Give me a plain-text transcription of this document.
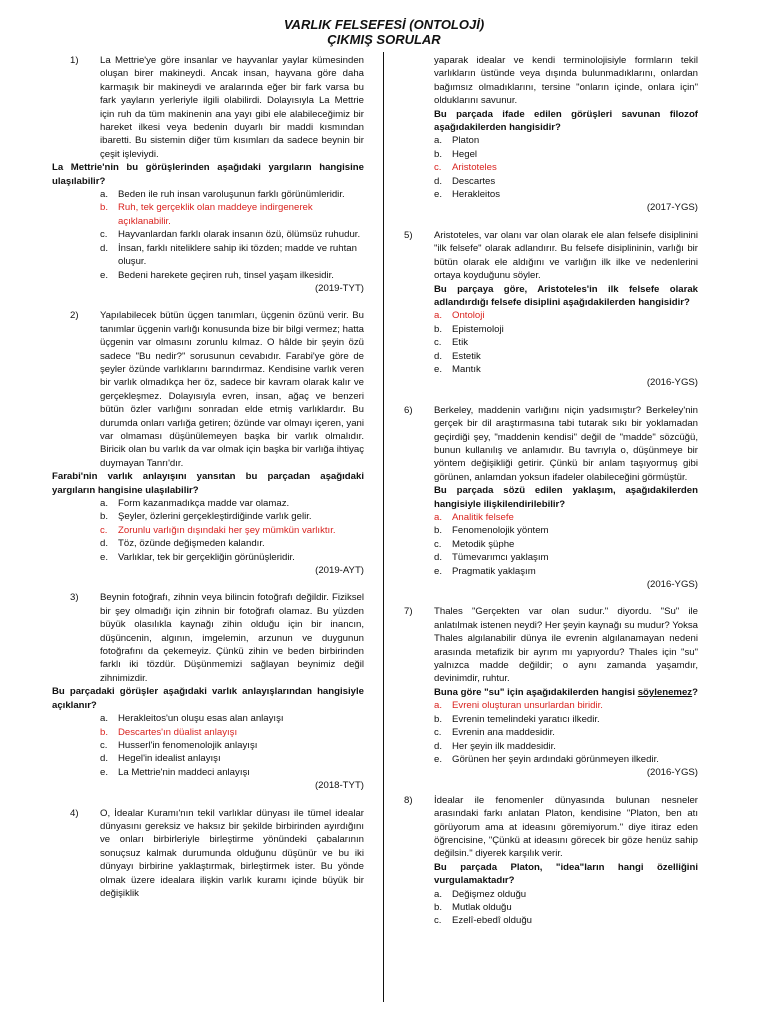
VARLIK FELSEFESİ (ONTOLOJİ)
ÇIKMIŞ SORULAR
1)	La Mettrie'ye göre insanlar ve hayvanlar yaylar kümesinden oluşan birer makineydi. Ancak insan, hayvana göre daha karmaşık bir makineydi ve aralarında eğer bir fark varsa bu fark yayların yerleriyle ilgili olabilirdi. Dolayısıyla La Mettrie için ruh da tüm makinenin ana yayı gibi ele alabileceğimiz bir hareket ilkesi veya bedenin duyarlı bir maddi kısmından ibaretti. Bu sistemin diğer tüm kısımları da sadece beynin bir çeşit işleviydi.
La Mettrie'nin bu görüşlerinden aşağıdaki yargıların hangisine ulaşılabilir?
a. Beden ile ruh insan varoluşunun farklı görünümleridir.
b. Ruh, tek gerçeklik olan maddeye indirgenerek açıklanabilir.
c. Hayvanlardan farklı olarak insanın özü, ölümsüz ruhudur.
d. İnsan, farklı niteliklere sahip iki tözden; madde ve ruhtan oluşur.
e. Bedeni harekete geçiren ruh, tinsel yaşam ilkesidir.
(2019-TYT)
2)	Yapılabilecek bütün üçgen tanımları, üçgenin özünü verir. Bu tanımlar üçgenin varlığı konusunda bize bir bilgi vermez; hatta üçgenin var olmasını zorunlu kılmaz. O hâlde bir şeyin özü sadece "Bu nedir?" sorusunun cevabıdır. Farabi'ye göre de şeyler özünde varlıklarını barındırmaz. Kendisine varlık veren bir varlık olmadıkça her öz, sadece bir kavram olarak kalır ve gerçekleşmez. Dolayısıyla evren, insan, ağaç ve benzeri bütün özler varlığını sonradan elde etmiş varlıklardır. Bu durumda onları varlığa getiren; özünde var olmayı içeren, yani var olmaması düşünülemeyen başka bir varlık olmalıdır. Biricik olan bu varlık da var olmak için başka bir varlığa ihtiyaç duymayan Tanrı'dır.
Farabi'nin varlık anlayışını yansıtan bu parçadan aşağıdaki yargıların hangisine ulaşılabilir?
a. Form kazanmadıkça madde var olamaz.
b. Şeyler, özlerini gerçekleştirdiğinde varlık gelir.
c. Zorunlu varlığın dışındaki her şey mümkün varlıktır.
d. Töz, özünde değişmeden kalandır.
e. Varlıklar, tek bir gerçekliğin görünüşleridir.
(2019-AYT)
3)	Beynin fotoğrafı, zihnin veya bilincin fotoğrafı değildir. Fiziksel bir şey olmadığı için zihnin bir fotoğrafı olamaz. Bu yüzden büyük olasılıkla kaynağı zihin olduğu için bir inancın, düşüncenin, algının, imgelemin, arzunun ve duygunun fotoğrafını da çekemeyiz. Çünkü zihin ve beden birbirinden farklı iki tözdür. Düşünmemizi sağlayan beynimiz değil zihnimizdir.
Bu parçadaki görüşler aşağıdaki varlık anlayışlarından hangisiyle açıklanır?
a. Herakleitos'un oluşu esas alan anlayışı
b. Descartes'ın düalist anlayışı
c. Husserl'in fenomenolojik anlayışı
d. Hegel'in idealist anlayışı
e. La Mettrie'nin maddeci anlayışı
(2018-TYT)
4)	O, İdealar Kuramı'nın tekil varlıklar dünyası ile tümel idealar dünyasını gereksiz ve haksız bir şekilde birbirinden ayırdığını ve onları birbirleriyle birleştirme yönündeki çabalarının sonuçsuz kalmak durumunda olduğunu düşünür ve bu iki dünyayı birbirine yaklaştırmak, birleştirmek ister. Bu yönde olmak üzere idealara ilişkin varlık kuramı içinde büyük bir değişiklik
yaparak idealar ve kendi terminolojisiyle formların tekil varlıkların üstünde veya dışında bulunmadıklarını, onlardan bağımsız olmadıklarını, tersine "onların içinde, onlara için" olduklarını savunur.
Bu parçada ifade edilen görüşleri savunan filozof aşağıdakilerden hangisidir?
a. Platon
b. Hegel
c. Aristoteles
d. Descartes
e. Herakleitos
(2017-YGS)
5)	Aristoteles, var olanı var olan olarak ele alan felsefe disiplinini "ilk felsefe" olarak adlandırır. Bu felsefe disiplininin, varlığı bir bütün olarak ele aldığını ve varlığın ilk ilke ve nedenlerini ortaya koyduğunu söyler.
Bu parçaya göre, Aristoteles'in ilk felsefe olarak adlandırdığı felsefe disiplini aşağıdakilerden hangisidir?
a. Ontoloji
b. Epistemoloji
c. Etik
d. Estetik
e. Mantık
(2016-YGS)
6)	Berkeley, maddenin varlığını niçin yadsımıştır? Berkeley'nin gerçek bir dil araştırmasına tabi tutarak sıkı bir yoklamadan geçirdiği şey, "maddenin kendisi" değil de "madde" sözcüğü, bunun kullanılış ve anlamıdır. Bu tavrıyla o, düşünmeye bir yöntem değişikliği getirir. Çünkü bir anlam taşıyormuş gibi görünen, anlamdan yoksun ifadeler olabileceğini görmüştür.
Bu parçada sözü edilen yaklaşım, aşağıdakilerden hangisiyle ilişkilendirilebilir?
a. Analitik felsefe
b. Fenomenolojik yöntem
c. Metodik şüphe
d. Tümevarımcı yaklaşım
e. Pragmatik yaklaşım
(2016-YGS)
7)	Thales "Gerçekten var olan sudur." diyordu. "Su" ile anlatılmak istenen neydi? Her şeyin kaynağı su mudur? Yoksa Thales algılanabilir dünya ile evrenin algılanamayan nedeni arasında metafizik bir ayrım mı yapıyordu? Thales için "su" yalnızca madde değildir; o aynı zamanda yaşamdır, devinimdir, ruhtur.
Buna göre "su" için aşağıdakilerden hangisi söylenemez?
a. Evreni oluşturan unsurlardan biridir.
b. Evrenin temelindeki yaratıcı ilkedir.
c. Evrenin ana maddesidir.
d. Her şeyin ilk maddesidir.
e. Görünen her şeyin ardındaki görünmeyen ilkedir.
(2016-YGS)
8)	İdealar ile fenomenler dünyasında bulunan nesneler arasındaki farkı anlatan Platon, kendisine "Platon, ben atı görüyorum ama at ideasını göremiyorum." diye itiraz eden öğrencisine, "Çünkü at ideasını görecek bir göze henüz sahip değilsin." diyerek karşılık verir.
Bu parçada Platon, "idea"ların hangi özelliğini vurgulamaktadır?
a. Değişmez olduğu
b. Mutlak olduğu
c. Ezelî-ebedî olduğu
